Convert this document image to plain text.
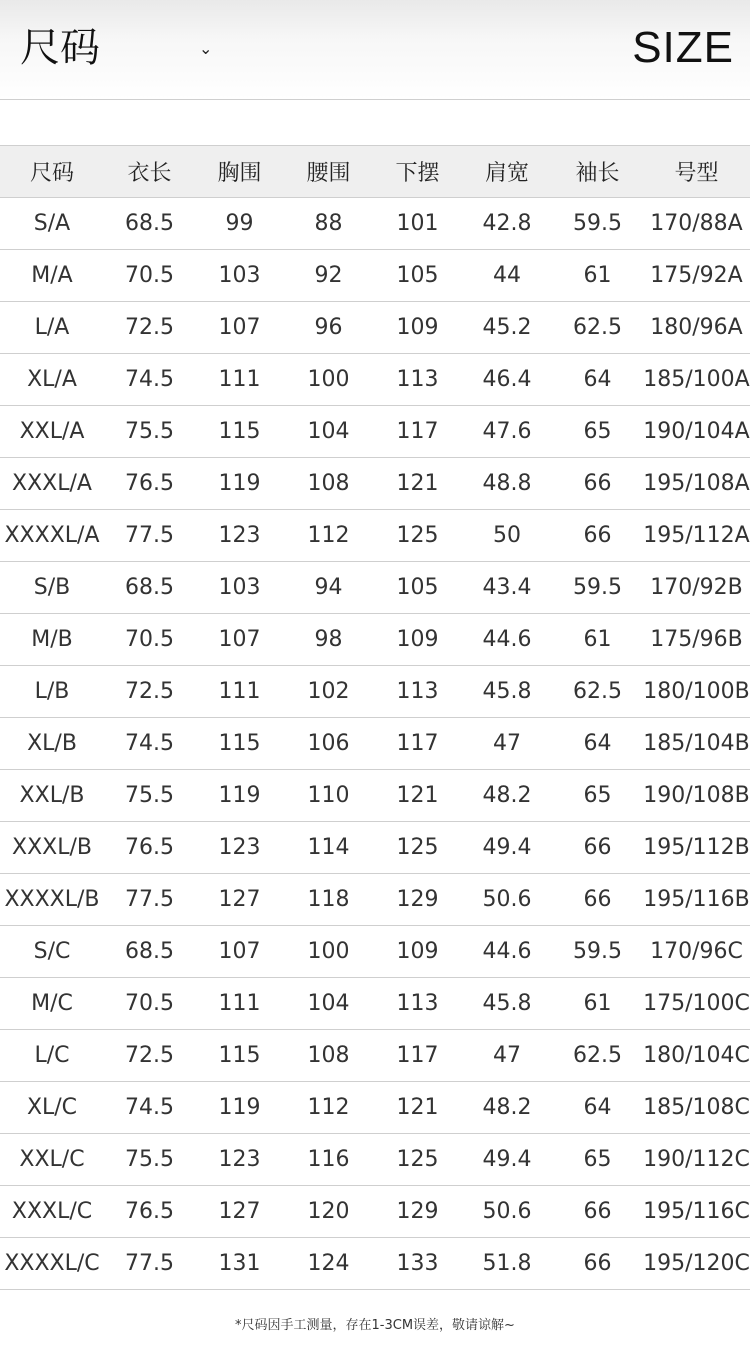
尺码	⌄	SIZE
尺码	衣长	胸围	腰围	下摆	肩宽	袖长	号型
S/A	68.5	99	88	101	42.8	59.5	170/88A
M/A	70.5	103	92	105	44	61	175/92A
L/A	72.5	107	96	109	45.2	62.5	180/96A
XL/A	74.5	111	100	113	46.4	64	185/100A
XXL/A	75.5	115	104	117	47.6	65	190/104A
XXXL/A	76.5	119	108	121	48.8	66	195/108A
XXXXL/A	77.5	123	112	125	50	66	195/112A
S/B	68.5	103	94	105	43.4	59.5	170/92B
M/B	70.5	107	98	109	44.6	61	175/96B
L/B	72.5	111	102	113	45.8	62.5	180/100B
XL/B	74.5	115	106	117	47	64	185/104B
XXL/B	75.5	119	110	121	48.2	65	190/108B
XXXL/B	76.5	123	114	125	49.4	66	195/112B
XXXXL/B	77.5	127	118	129	50.6	66	195/116B
S/C	68.5	107	100	109	44.6	59.5	170/96C
M/C	70.5	111	104	113	45.8	61	175/100C
L/C	72.5	115	108	117	47	62.5	180/104C
XL/C	74.5	119	112	121	48.2	64	185/108C
XXL/C	75.5	123	116	125	49.4	65	190/112C
XXXL/C	76.5	127	120	129	50.6	66	195/116C
XXXXL/C	77.5	131	124	133	51.8	66	195/120C
*尺码因手工测量，存在1-3CM误差，敬请谅解~
